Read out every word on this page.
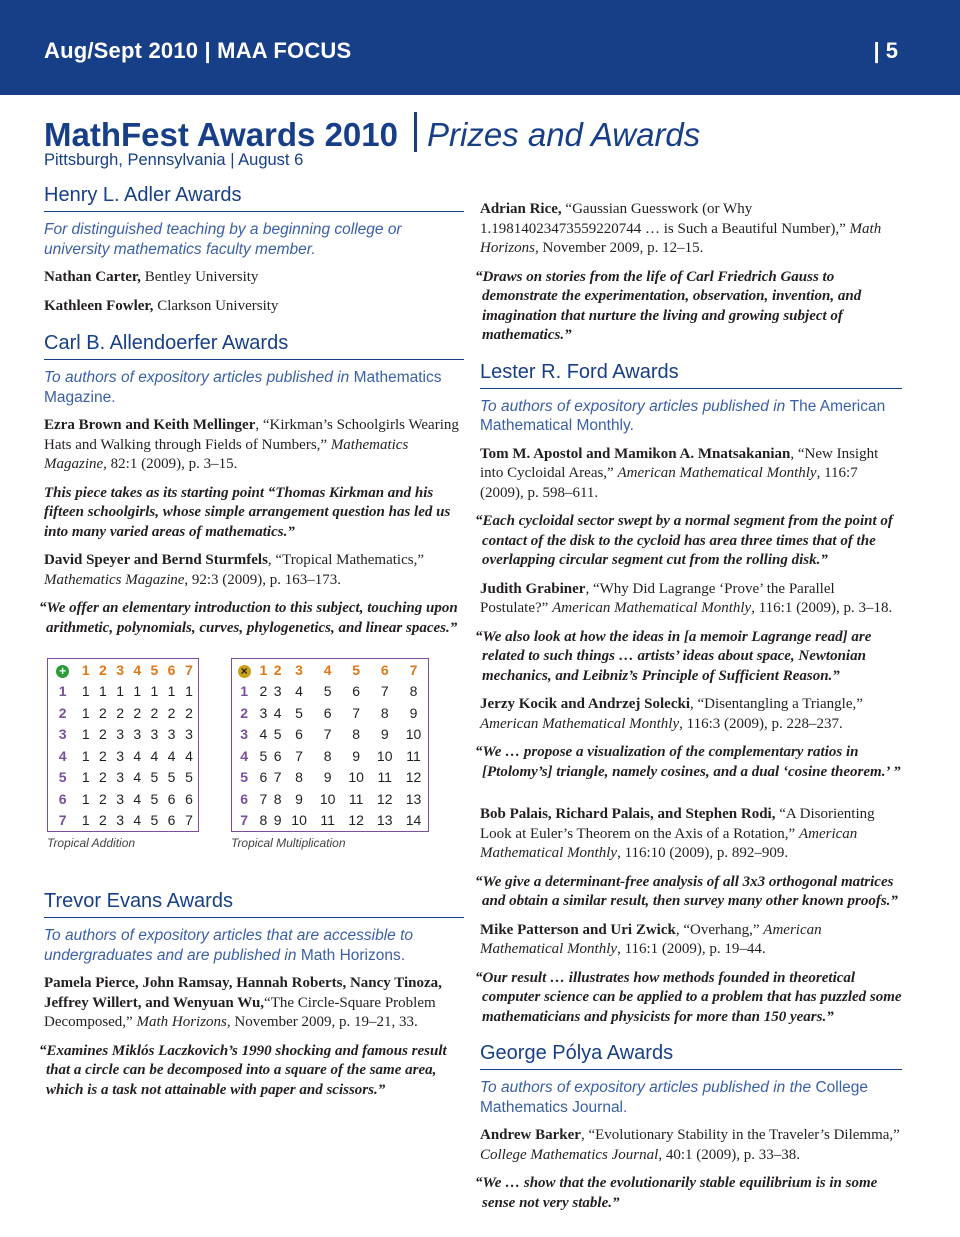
Aug/Sept 2010 | MAA FOCUS	| 5
MathFest Awards 2010 Prizes and Awards
Pittsburgh, Pennsylvania | August 6
Henry L. Adler Awards
For distinguished teaching by a beginning college or university mathematics faculty member.
Nathan Carter, Bentley University
Kathleen Fowler, Clarkson University
Carl B. Allendoerfer Awards
To authors of expository articles published in Mathematics Magazine.
Ezra Brown and Keith Mellinger, “Kirkman’s Schoolgirls Wearing Hats and Walking through Fields of Numbers,” Mathematics Magazine, 82:1 (2009), p. 3–15.
This piece takes as its starting point “Thomas Kirkman and his fifteen schoolgirls, whose simple arrangement question has led us into many varied areas of mathematics.”
David Speyer and Bernd Sturmfels, “Tropical Mathematics,” Mathematics Magazine, 92:3 (2009), p. 163–173.
“We offer an elementary introduction to this subject, touching upon arithmetic, polynomials, curves, phylogenetics, and linear spaces.”
+	1	2	3	4	5	6	7
1	1	1	1	1	1	1	1
2	1	2	2	2	2	2	2
3	1	2	3	3	3	3	3
4	1	2	3	4	4	4	4
5	1	2	3	4	5	5	5
6	1	2	3	4	5	6	6
7	1	2	3	4	5	6	7
Tropical Addition
×	1	2	3	4	5	6	7
1	2	3	4	5	6	7	8
2	3	4	5	6	7	8	9
3	4	5	6	7	8	9	10
4	5	6	7	8	9	10	11
5	6	7	8	9	10	11	12
6	7	8	9	10	11	12	13
7	8	9	10	11	12	13	14
Tropical Multiplication
Trevor Evans Awards
To authors of expository articles that are accessible to undergraduates and are published in Math Horizons.
Pamela Pierce, John Ramsay, Hannah Roberts, Nancy Tinoza, Jeffrey Willert, and Wenyuan Wu,“The Circle-Square Problem Decomposed,” Math Horizons, November 2009, p. 19–21, 33.
“Examines Miklós Laczkovich’s 1990 shocking and famous result that a circle can be decomposed into a square of the same area, which is a task not attainable with paper and scissors.”
Adrian Rice, “Gaussian Guesswork (or Why 1.19814023473559220744 … is Such a Beautiful Number),” Math Horizons, November 2009, p. 12–15.
“Draws on stories from the life of Carl Friedrich Gauss to demonstrate the experimentation, observation, invention, and imagination that nurture the living and growing subject of mathematics.”
Lester R. Ford Awards
To authors of expository articles published in The American Mathematical Monthly.
Tom M. Apostol and Mamikon A. Mnatsakanian, “New Insight into Cycloidal Areas,” American Mathematical Monthly, 116:7 (2009), p. 598–611.
“Each cycloidal sector swept by a normal segment from the point of contact of the disk to the cycloid has area three times that of the overlapping circular segment cut from the rolling disk.”
Judith Grabiner, “Why Did Lagrange ‘Prove’ the Parallel Postulate?” American Mathematical Monthly, 116:1 (2009), p. 3–18.
“We also look at how the ideas in [a memoir Lagrange read] are related to such things … artists’ ideas about space, Newtonian mechanics, and Leibniz’s Principle of Sufficient Reason.”
Jerzy Kocik and Andrzej Solecki, “Disentangling a Triangle,” American Mathematical Monthly, 116:3 (2009), p. 228–237.
“We … propose a visualization of the complementary ratios in [Ptolomy’s] triangle, namely cosines, and a dual ‘cosine theorem.’ ”
Bob Palais, Richard Palais, and Stephen Rodi, “A Disorienting Look at Euler’s Theorem on the Axis of a Rotation,” American Mathematical Monthly, 116:10 (2009), p. 892–909.
“We give a determinant-free analysis of all 3x3 orthogonal matrices and obtain a similar result, then survey many other known proofs.”
Mike Patterson and Uri Zwick, “Overhang,” American Mathematical Monthly, 116:1 (2009), p. 19–44.
“Our result … illustrates how methods founded in theoretical computer science can be applied to a problem that has puzzled some mathematicians and physicists for more than 150 years.”
George Pólya Awards
To authors of expository articles published in the College Mathematics Journal.
Andrew Barker, “Evolutionary Stability in the Traveler’s Dilemma,” College Mathematics Journal, 40:1 (2009), p. 33–38.
“We … show that the evolutionarily stable equilibrium is in some sense not very stable.”
